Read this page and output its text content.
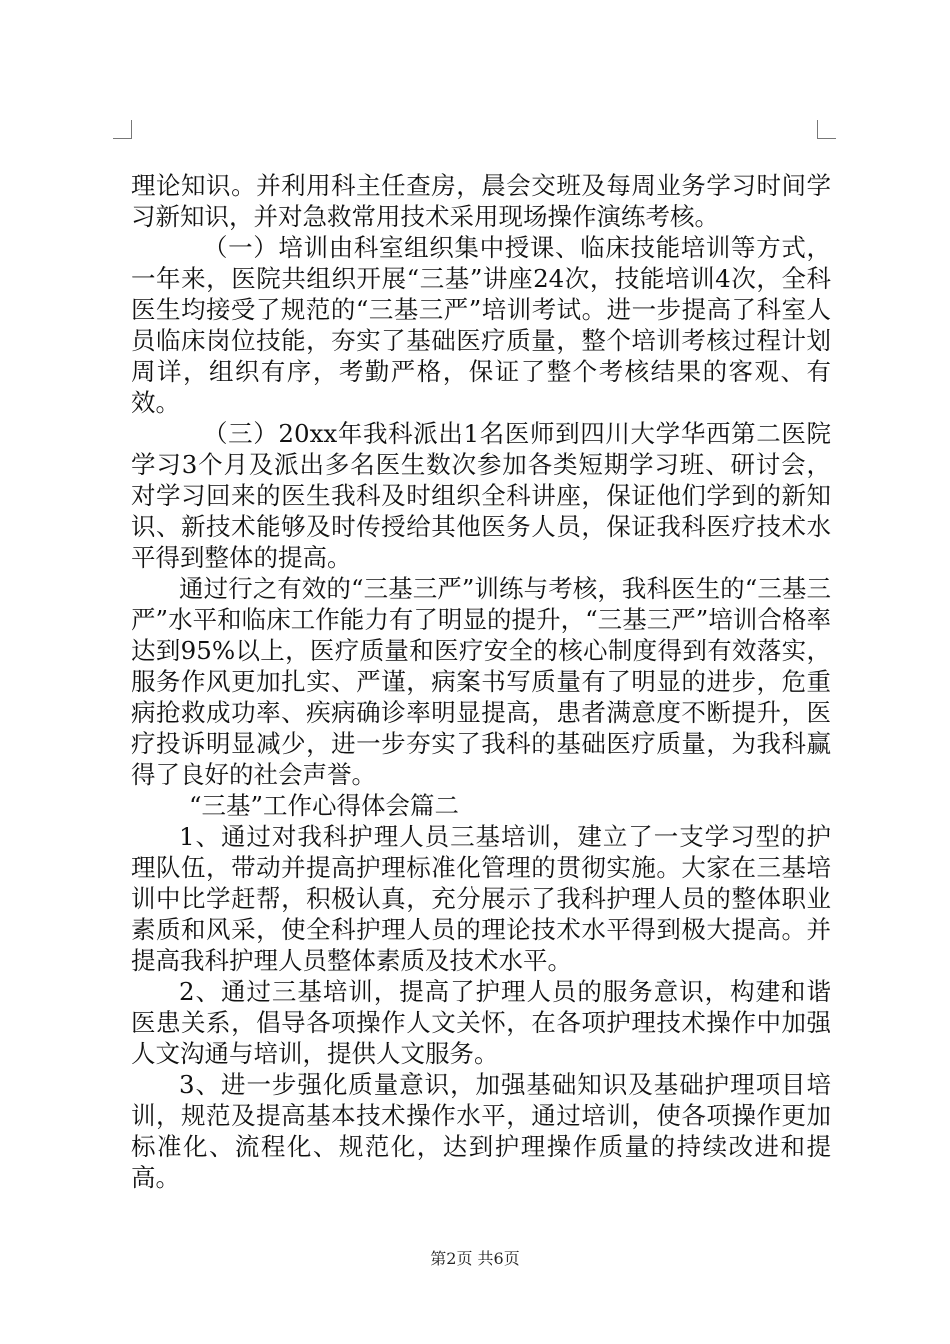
理论知识。并利用科主任查房，晨会交班及每周业务学习时间学习新知识，并对急救常用技术采用现场操作演练考核。

（一）培训由科室组织集中授课、临床技能培训等方式，一年来，医院共组织开展“三基”讲座24次，技能培训4次，全科医生均接受了规范的“三基三严”培训考试。进一步提高了科室人员临床岗位技能，夯实了基础医疗质量，整个培训考核过程计划周详，组织有序，考勤严格，保证了整个考核结果的客观、有效。

（三）20xx年我科派出1名医师到四川大学华西第二医院学习3个月及派出多名医生数次参加各类短期学习班、研讨会，对学习回来的医生我科及时组织全科讲座，保证他们学到的新知识、新技术能够及时传授给其他医务人员，保证我科医疗技术水平得到整体的提高。

通过行之有效的“三基三严”训练与考核，我科医生的“三基三严”水平和临床工作能力有了明显的提升，“三基三严”培训合格率达到95%以上，医疗质量和医疗安全的核心制度得到有效落实，服务作风更加扎实、严谨，病案书写质量有了明显的进步，危重病抢救成功率、疾病确诊率明显提高，患者满意度不断提升，医疗投诉明显减少，进一步夯实了我科的基础医疗质量，为我科赢得了良好的社会声誉。

“三基”工作心得体会篇二

1、通过对我科护理人员三基培训，建立了一支学习型的护理队伍，带动并提高护理标准化管理的贯彻实施。大家在三基培训中比学赶帮，积极认真，充分展示了我科护理人员的整体职业素质和风采，使全科护理人员的理论技术水平得到极大提高。并提高我科护理人员整体素质及技术水平。

2、通过三基培训，提高了护理人员的服务意识，构建和谐医患关系，倡导各项操作人文关怀，在各项护理技术操作中加强人文沟通与培训，提供人文服务。

3、进一步强化质量意识，加强基础知识及基础护理项目培训，规范及提高基本技术操作水平，通过培训，使各项操作更加标准化、流程化、规范化，达到护理操作质量的持续改进和提高。

第2页 共6页
